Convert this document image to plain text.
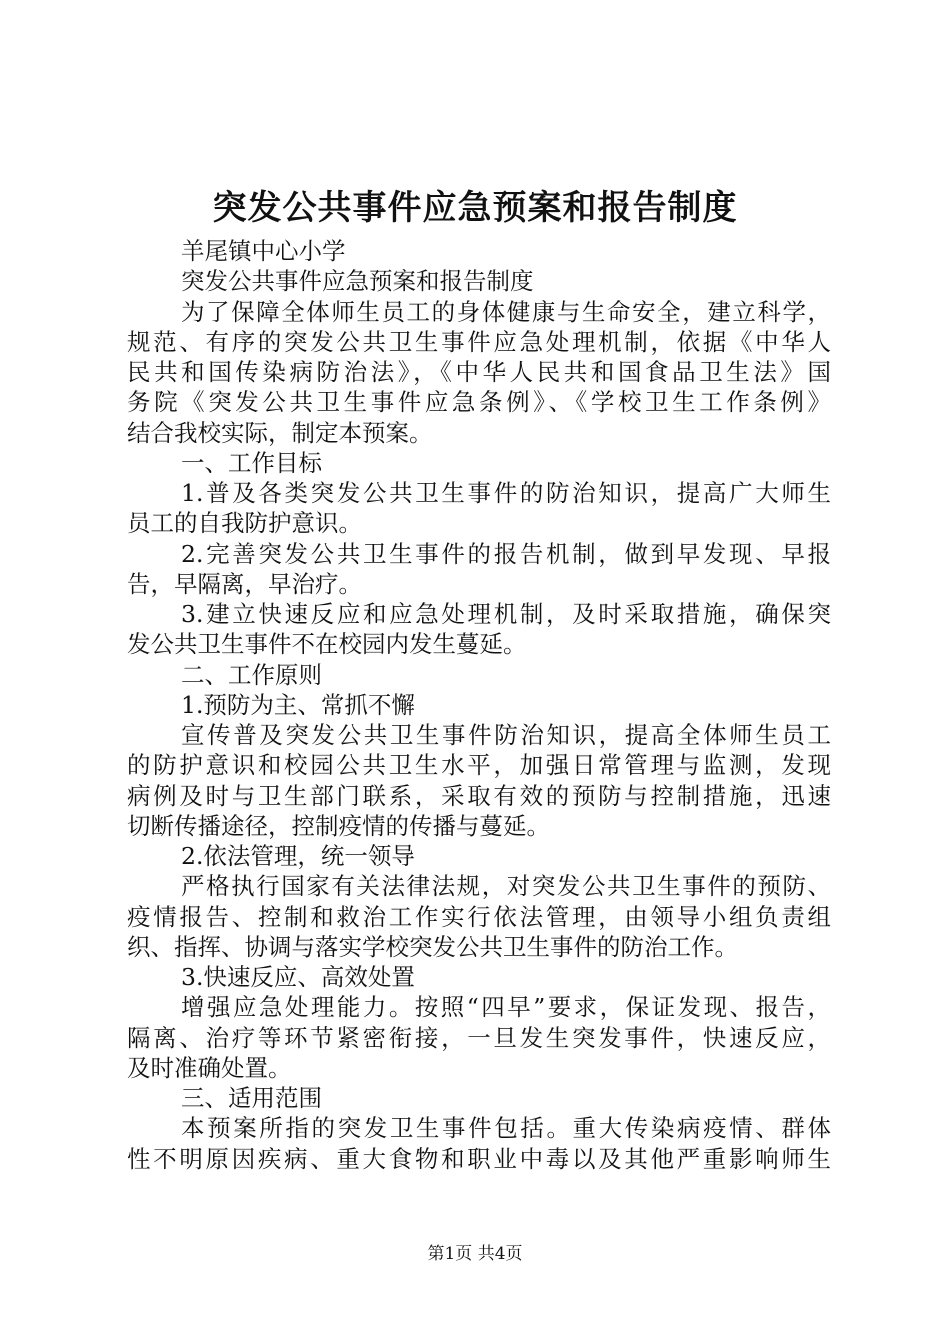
突发公共事件应急预案和报告制度
羊尾镇中心小学
突发公共事件应急预案和报告制度
为了保障全体师生员工的身体健康与生命安全，建立科学，
规范、有序的突发公共卫生事件应急处理机制，依据《中华人
民共和国传染病防治法》，《中华人民共和国食品卫生法》国
务院《突发公共卫生事件应急条例》、《学校卫生工作条例》
结合我校实际，制定本预案。
一、工作目标
1.普及各类突发公共卫生事件的防治知识，提高广大师生
员工的自我防护意识。
2.完善突发公共卫生事件的报告机制，做到早发现、早报
告，早隔离，早治疗。
3.建立快速反应和应急处理机制，及时采取措施，确保突
发公共卫生事件不在校园内发生蔓延。
二、工作原则
1.预防为主、常抓不懈
宣传普及突发公共卫生事件防治知识，提高全体师生员工
的防护意识和校园公共卫生水平，加强日常管理与监测，发现
病例及时与卫生部门联系，采取有效的预防与控制措施，迅速
切断传播途径，控制疫情的传播与蔓延。
2.依法管理，统一领导
严格执行国家有关法律法规，对突发公共卫生事件的预防、
疫情报告、控制和救治工作实行依法管理，由领导小组负责组
织、指挥、协调与落实学校突发公共卫生事件的防治工作。
3.快速反应、高效处置
增强应急处理能力。按照“四早”要求，保证发现、报告，
隔离、治疗等环节紧密衔接，一旦发生突发事件，快速反应，
及时准确处置。
三、适用范围
本预案所指的突发卫生事件包括。重大传染病疫情、群体
性不明原因疾病、重大食物和职业中毒以及其他严重影响师生
第1页 共4页
